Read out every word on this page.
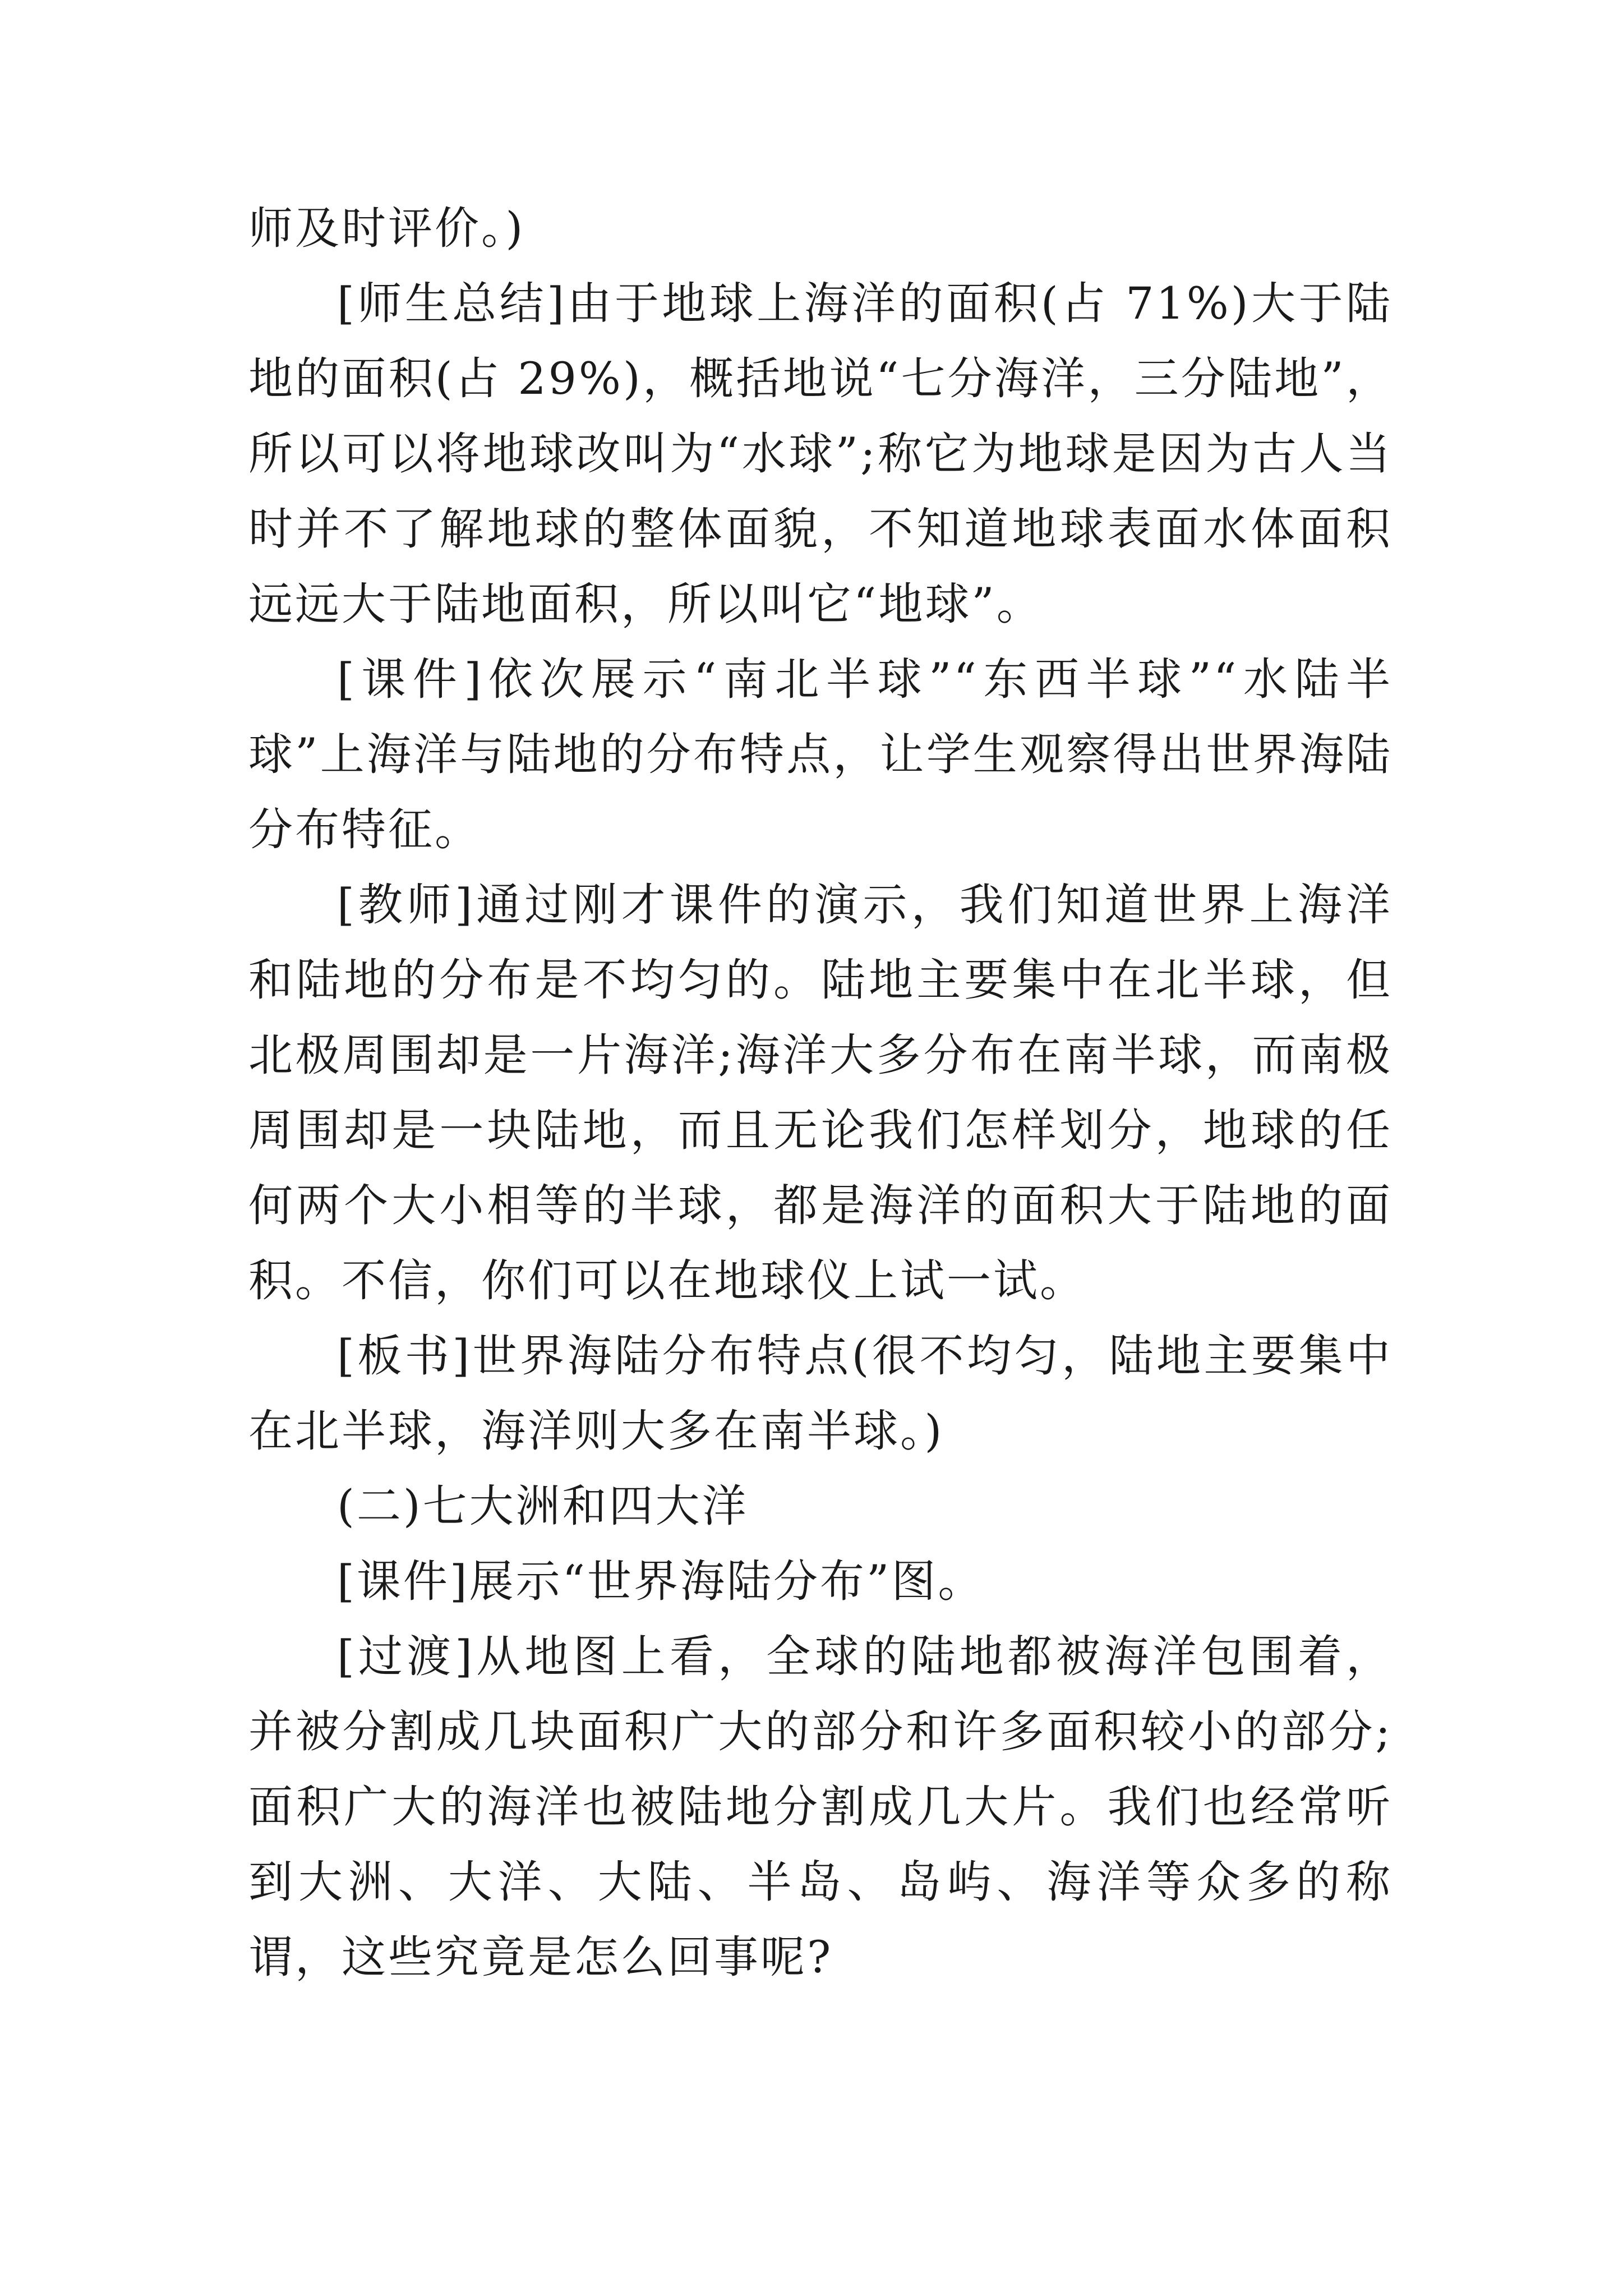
师及时评价。)

[师生总结]由于地球上海洋的面积(占 71%)大于陆地的面积(占 29%)，概括地说“七分海洋，三分陆地”，所以可以将地球改叫为“水球”;称它为地球是因为古人当时并不了解地球的整体面貌，不知道地球表面水体面积远远大于陆地面积，所以叫它“地球”。

[课件]依次展示“南北半球”“东西半球”“水陆半球”上海洋与陆地的分布特点，让学生观察得出世界海陆分布特征。

[教师]通过刚才课件的演示，我们知道世界上海洋和陆地的分布是不均匀的。陆地主要集中在北半球，但北极周围却是一片海洋;海洋大多分布在南半球，而南极周围却是一块陆地，而且无论我们怎样划分，地球的任何两个大小相等的半球，都是海洋的面积大于陆地的面积。不信，你们可以在地球仪上试一试。

[板书]世界海陆分布特点(很不均匀，陆地主要集中在北半球，海洋则大多在南半球。)

(二)七大洲和四大洋

[课件]展示“世界海陆分布”图。

[过渡]从地图上看，全球的陆地都被海洋包围着，并被分割成几块面积广大的部分和许多面积较小的部分;面积广大的海洋也被陆地分割成几大片。我们也经常听到大洲、大洋、大陆、半岛、岛屿、海洋等众多的称谓，这些究竟是怎么回事呢?
